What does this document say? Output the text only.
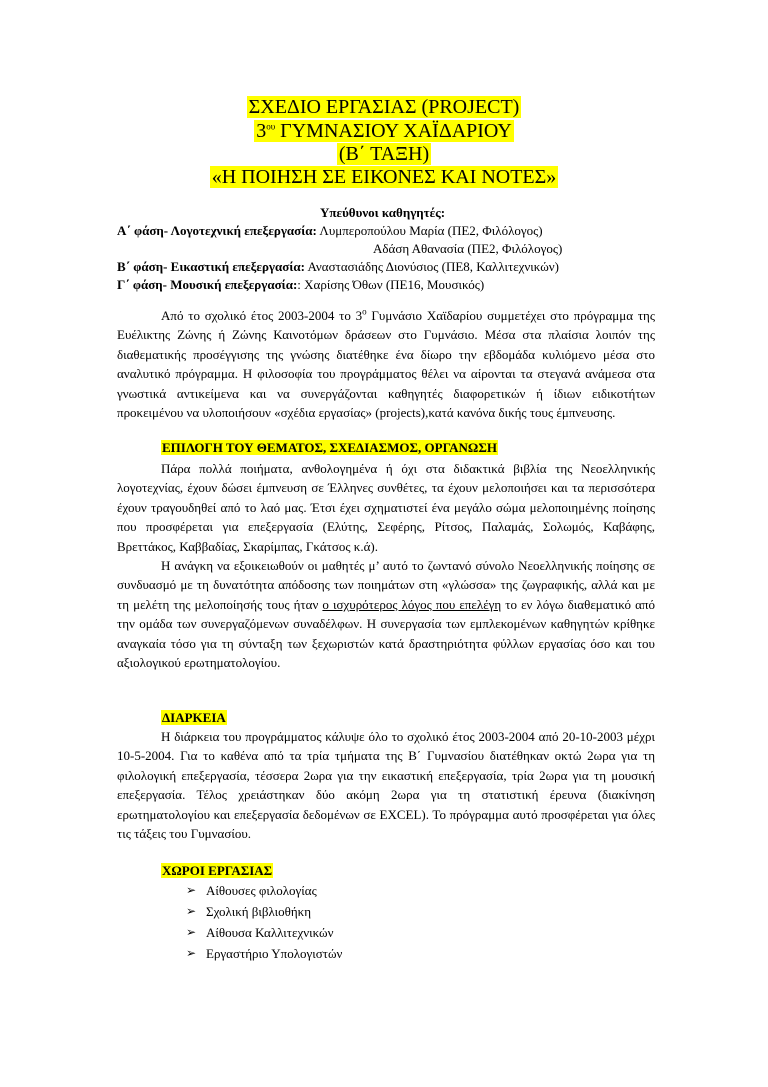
ΣΧΕΔΙΟ ΕΡΓΑΣΙΑΣ (PROJECT)
$3^{o\upsilon}$ ΓΥΜΝΑΣΙΟΥ ΧΑΪΔΑΡΙΟΥ
(Β΄ ΤΑΞΗ)
«Η ΠΟΙΗΣΗ ΣΕ ΕΙΚΟΝΕΣ ΚΑΙ ΝΟΤΕΣ»
Υπεύθυνοι καθηγητές:
Α΄ φάση- Λογοτεχνική επεξεργασία: Λυμπεροπούλου Μαρία (ΠΕ2, Φιλόλογος)
Αδάση Αθανασία (ΠΕ2, Φιλόλογος)
Β΄ φάση- Εικαστική επεξεργασία: Αναστασιάδης Διονύσιος (ΠΕ8, Καλλιτεχνικών)
Γ΄ φάση- Μουσική επεξεργασία:: Χαρίσης Όθων (ΠΕ16, Μουσικός)

Από το σχολικό έτος 2003-2004 το $3^o$ Γυμνάσιο Χαϊδαρίου συμμετέχει στο πρόγραμμα της Ευέλικτης Ζώνης ή Ζώνης Καινοτόμων δράσεων στο Γυμνάσιο. Μέσα στα πλαίσια λοιπόν της διαθεματικής προσέγγισης της γνώσης διατέθηκε ένα δίωρο την εβδομάδα κυλιόμενο μέσα στο αναλυτικό πρόγραμμα. Η φιλοσοφία του προγράμματος θέλει να αίρονται τα στεγανά ανάμεσα στα γνωστικά αντικείμενα και να συνεργάζονται καθηγητές διαφορετικών ή ίδιων ειδικοτήτων προκειμένου να υλοποιήσουν «σχέδια εργασίας» (projects),κατά κανόνα δικής τους έμπνευσης.

ΕΠΙΛΟΓΗ ΤΟΥ ΘΕΜΑΤΟΣ, ΣΧΕΔΙΑΣΜΟΣ, ΟΡΓΑΝΩΣΗ

Πάρα πολλά ποιήματα, ανθολογημένα ή όχι στα διδακτικά βιβλία της Νεοελληνικής λογοτεχνίας, έχουν δώσει έμπνευση σε Έλληνες συνθέτες, τα έχουν μελοποιήσει και τα περισσότερα έχουν τραγουδηθεί από το λαό μας. Έτσι έχει σχηματιστεί ένα μεγάλο σώμα μελοποιημένης ποίησης που προσφέρεται για επεξεργασία (Ελύτης, Σεφέρης, Ρίτσος, Παλαμάς, Σολωμός, Καβάφης, Βρεττάκος, Καββαδίας, Σκαρίμπας, Γκάτσος κ.ά).

Η ανάγκη να εξοικειωθούν οι μαθητές μ’ αυτό το ζωντανό σύνολο Νεοελληνικής ποίησης σε συνδυασμό με τη δυνατότητα απόδοσης των ποιημάτων στη «γλώσσα» της ζωγραφικής, αλλά και με τη μελέτη της μελοποίησής τους ήταν ο ισχυρότερος λόγος που επελέγη το εν λόγω διαθεματικό από την ομάδα των συνεργαζόμενων συναδέλφων. Η συνεργασία των εμπλεκομένων καθηγητών κρίθηκε αναγκαία τόσο για τη σύνταξη των ξεχωριστών κατά δραστηριότητα φύλλων εργασίας όσο και του αξιολογικού ερωτηματολογίου.

ΔΙΑΡΚΕΙΑ

Η διάρκεια του προγράμματος κάλυψε όλο το σχολικό έτος 2003-2004 από 20-10-2003 μέχρι 10-5-2004. Για το καθένα από τα τρία τμήματα της Β΄ Γυμνασίου διατέθηκαν οκτώ 2ωρα για τη φιλολογική επεξεργασία, τέσσερα 2ωρα για την εικαστική επεξεργασία, τρία 2ωρα για τη μουσική επεξεργασία. Τέλος χρειάστηκαν δύο ακόμη 2ωρα για τη στατιστική έρευνα (διακίνηση ερωτηματολογίου και επεξεργασία δεδομένων σε EXCEL). Το πρόγραμμα αυτό προσφέρεται για όλες τις τάξεις του Γυμνασίου.

ΧΩΡΟΙ ΕΡΓΑΣΙΑΣ
➢ Αίθουσες φιλολογίας
➢ Σχολική βιβλιοθήκη
➢ Αίθουσα Καλλιτεχνικών
➢ Εργαστήριο Υπολογιστών
